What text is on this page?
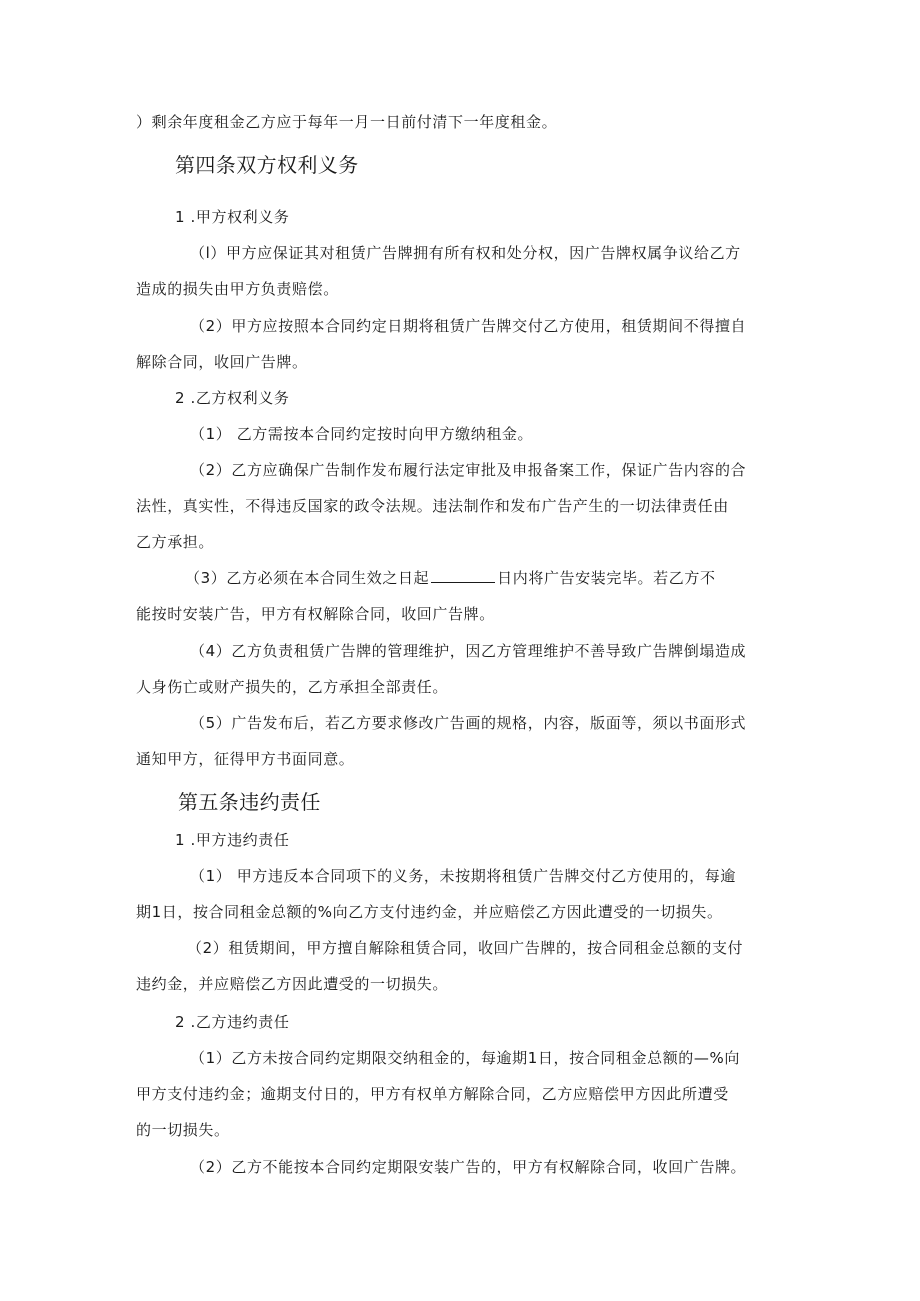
）剩余年度租金乙方应于每年一月一日前付清下一年度租金。

第四条双方权利义务

1 .甲方权利义务

（l）甲方应保证其对租赁广告牌拥有所有权和处分权，因广告牌权属争议给乙方

造成的损失由甲方负责赔偿。

（2）甲方应按照本合同约定日期将租赁广告牌交付乙方使用，租赁期间不得擅自

解除合同，收回广告牌。

2 .乙方权利义务

（1） 乙方需按本合同约定按时向甲方缴纳租金。

（2）乙方应确保广告制作发布履行法定审批及申报备案工作，保证广告内容的合

法性，真实性，不得违反国家的政令法规。违法制作和发布广告产生的一切法律责任由

乙方承担。

（3）乙方必须在本合同生效之日起	日内将广告安装完毕。若乙方不

能按时安装广告，甲方有权解除合同，收回广告牌。

（4）乙方负责租赁广告牌的管理维护，因乙方管理维护不善导致广告牌倒塌造成

人身伤亡或财产损失的，乙方承担全部责任。

（5）广告发布后，若乙方要求修改广告画的规格，内容，版面等，须以书面形式

通知甲方，征得甲方书面同意。

第五条违约责任

1 .甲方违约责任

（1） 甲方违反本合同项下的义务，未按期将租赁广告牌交付乙方使用的，每逾

期1日，按合同租金总额的%向乙方支付违约金，并应赔偿乙方因此遭受的一切损失。

（2）租赁期间，甲方擅自解除租赁合同，收回广告牌的，按合同租金总额的支付

违约金，并应赔偿乙方因此遭受的一切损失。

2 .乙方违约责任

（1）乙方未按合同约定期限交纳租金的，每逾期1日，按合同租金总额的—%向

甲方支付违约金；逾期支付日的，甲方有权单方解除合同，乙方应赔偿甲方因此所遭受

的一切损失。

（2）乙方不能按本合同约定期限安装广告的，甲方有权解除合同，收回广告牌。
